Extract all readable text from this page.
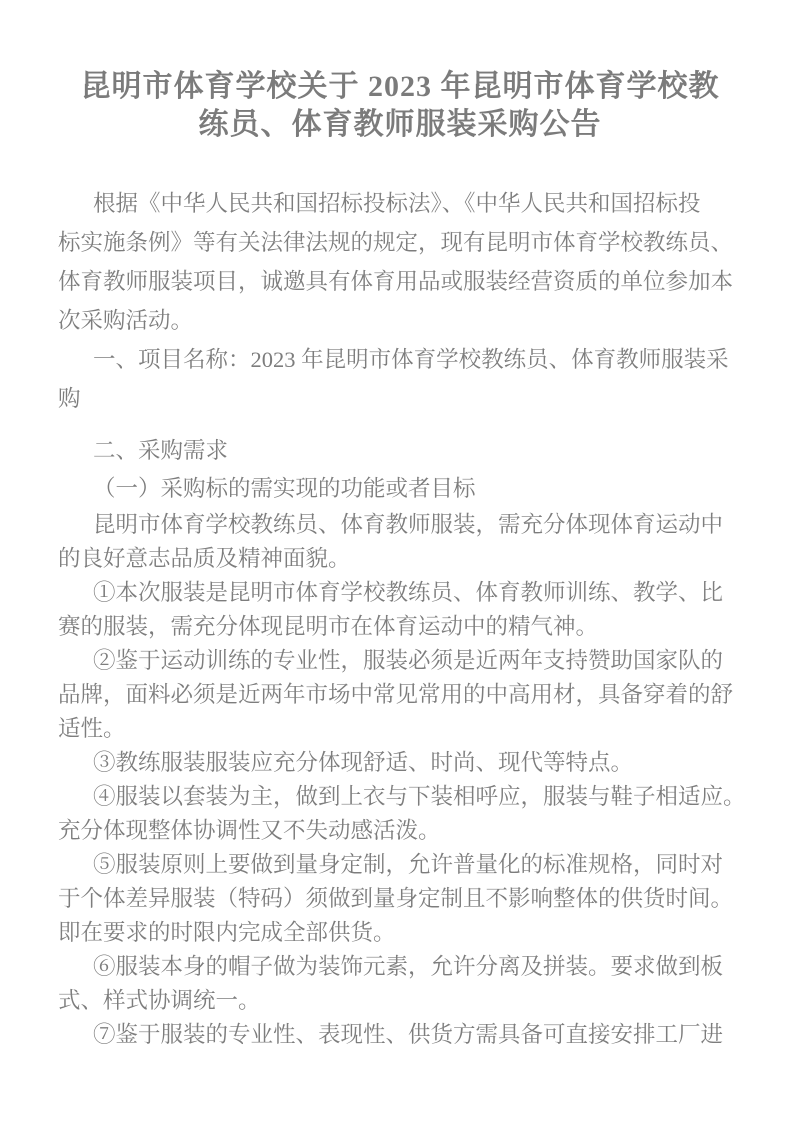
昆明市体育学校关于 2023 年昆明市体育学校教
练员、体育教师服装采购公告
根据《中华人民共和国招标投标法》、《中华人民共和国招标投
标实施条例》等有关法律法规的规定，现有昆明市体育学校教练员、
体育教师服装项目，诚邀具有体育用品或服装经营资质的单位参加本
次采购活动。
一、项目名称：2023 年昆明市体育学校教练员、体育教师服装采
购
二、采购需求
（一）采购标的需实现的功能或者目标
昆明市体育学校教练员、体育教师服装，需充分体现体育运动中
的良好意志品质及精神面貌。
①本次服装是昆明市体育学校教练员、体育教师训练、教学、比
赛的服装，需充分体现昆明市在体育运动中的精气神。
②鉴于运动训练的专业性，服装必须是近两年支持赞助国家队的
品牌，面料必须是近两年市场中常见常用的中高用材，具备穿着的舒
适性。
③教练服装服装应充分体现舒适、时尚、现代等特点。
④服装以套装为主，做到上衣与下装相呼应，服装与鞋子相适应。
充分体现整体协调性又不失动感活泼。
⑤服装原则上要做到量身定制，允许普量化的标准规格，同时对
于个体差异服装（特码）须做到量身定制且不影响整体的供货时间。
即在要求的时限内完成全部供货。
⑥服装本身的帽子做为装饰元素，允许分离及拼装。要求做到板
式、样式协调统一。
⑦鉴于服装的专业性、表现性、供货方需具备可直接安排工厂进
